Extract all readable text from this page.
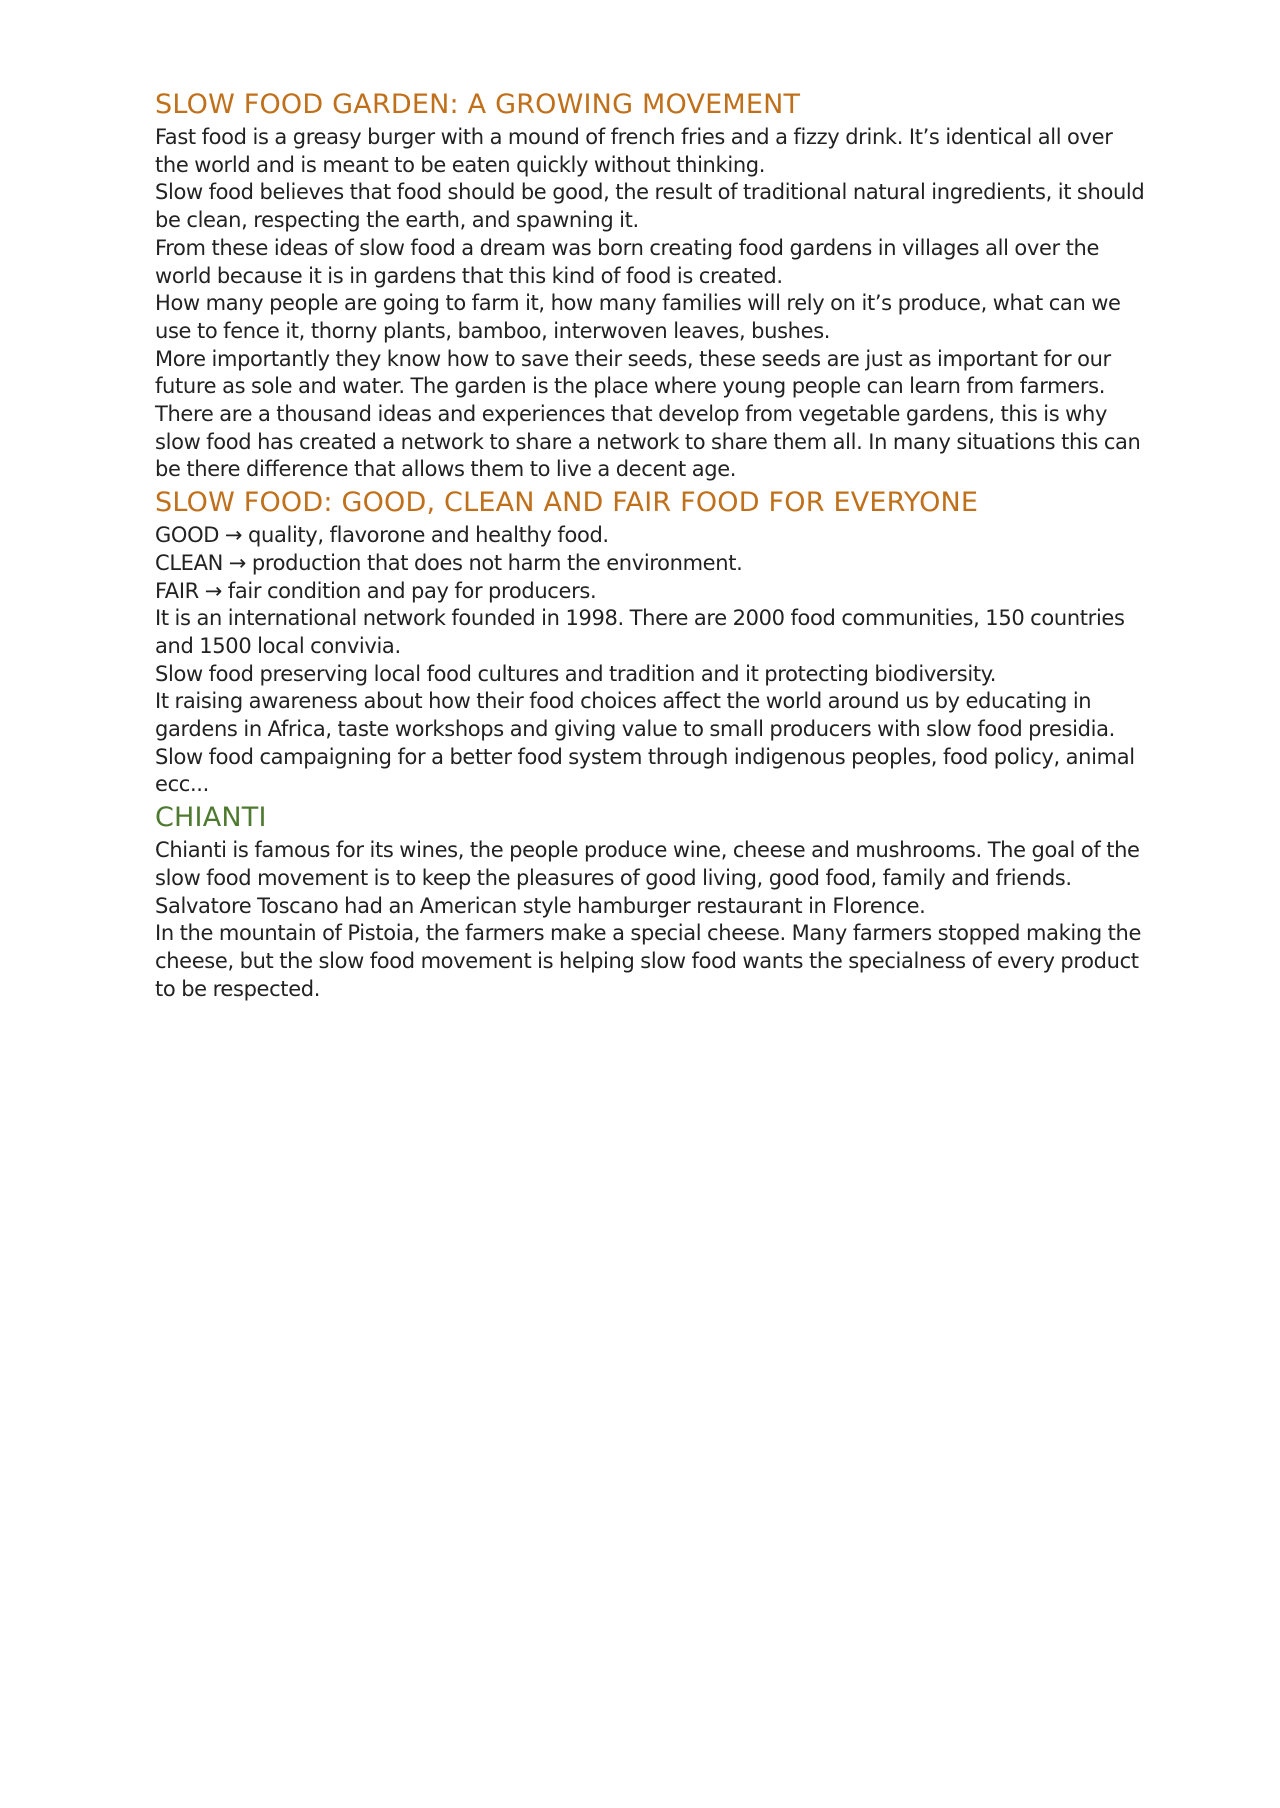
SLOW FOOD GARDEN: A GROWING MOVEMENT

Fast food is a greasy burger with a mound of french fries and a fizzy drink. It’s identical all over the world and is meant to be eaten quickly without thinking.

Slow food believes that food should be good, the result of traditional natural ingredients, it should be clean, respecting the earth, and spawning it.

From these ideas of slow food a dream was born creating food gardens in villages all over the world because it is in gardens that this kind of food is created.

How many people are going to farm it, how many families will rely on it’s produce, what can we use to fence it, thorny plants, bamboo, interwoven leaves, bushes.

More importantly they know how to save their seeds, these seeds are just as important for our future as sole and water. The garden is the place where young people can learn from farmers. There are a thousand ideas and experiences that develop from vegetable gardens, this is why slow food has created a network to share a network to share them all. In many situations this can be there difference that allows them to live a decent age.

SLOW FOOD: GOOD, CLEAN AND FAIR FOOD FOR EVERYONE

GOOD → quality, flavorone and healthy food.

CLEAN → production that does not harm the environment.

FAIR → fair condition and pay for producers.

It is an international network founded in 1998. There are 2000 food communities, 150 countries and 1500 local convivia.

Slow food preserving local food cultures and tradition and it protecting biodiversity.

It raising awareness about how their food choices affect the world around us by educating in gardens in Africa, taste workshops and giving value to small producers with slow food presidia. Slow food campaigning for a better food system through indigenous peoples, food policy, animal ecc...

CHIANTI

Chianti is famous for its wines, the people produce wine, cheese and mushrooms. The goal of the slow food movement is to keep the pleasures of good living, good food, family and friends. Salvatore Toscano had an American style hamburger restaurant in Florence.

In the mountain of Pistoia, the farmers make a special cheese. Many farmers stopped making the cheese, but the slow food movement is helping slow food wants the specialness of every product to be respected.
